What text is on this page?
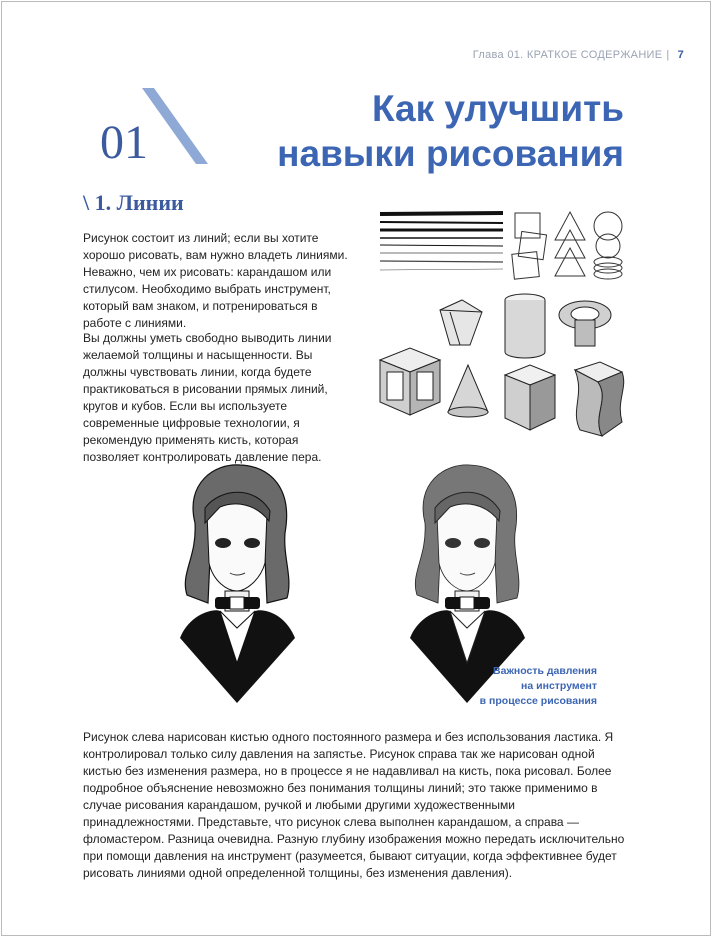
Глава 01. КРАТКОЕ СОДЕРЖАНИЕ | 7
01
Как улучшить
навыки рисования
\ 1. Линии
Рисунок состоит из линий; если вы хотите хорошо рисовать, вам нужно владеть линиями. Неважно, чем их рисовать: карандашом или стилусом. Необходимо выбрать инструмент, который вам знаком, и потренироваться в работе с линиями.
Вы должны уметь свободно выводить линии желаемой толщины и насыщенности. Вы должны чувствовать линии, когда будете практиковаться в рисовании прямых линий, кругов и кубов. Если вы используете современные цифровые технологии, я рекомендую применять кисть, которая позволяет контролировать давление пера.
Важность давления
на инструмент
в процессе рисования
Рисунок слева нарисован кистью одного постоянного размера и без использования ластика. Я контролировал только силу давления на запястье. Рисунок справа так же нарисован одной кистью без изменения размера, но в процессе я не надавливал на кисть, пока рисовал. Более подробное объяснение невозможно без понимания толщины линий; это также применимо в случае рисования карандашом, ручкой и любыми другими художественными принадлежностями. Представьте, что рисунок слева выполнен карандашом, а справа — фломастером. Разница очевидна. Разную глубину изображения можно передать исключительно при помощи давления на инструмент (разумеется, бывают ситуации, когда эффективнее будет рисовать линиями одной определенной толщины, без изменения давления).
